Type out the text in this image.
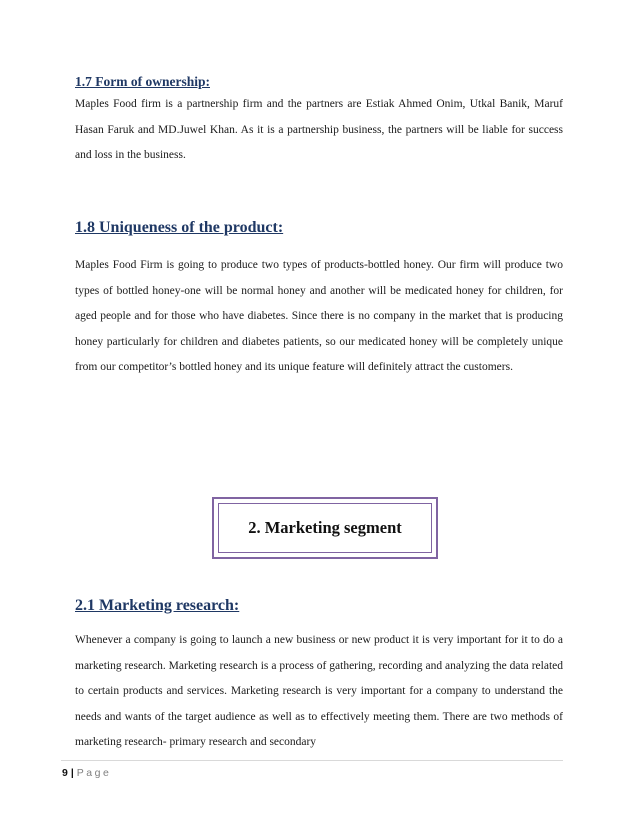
1.7 Form of ownership:

Maples Food firm is a partnership firm and the partners are Estiak Ahmed Onim, Utkal Banik, Maruf Hasan Faruk and MD.Juwel Khan. As it is a partnership business, the partners will be liable for success and loss in the business.

1.8 Uniqueness of the product:

Maples Food Firm is going to produce two types of products-bottled honey. Our firm will produce two types of bottled honey-one will be normal honey and another will be medicated honey for children, for aged people and for those who have diabetes. Since there is no company in the market that is producing honey particularly for children and diabetes patients, so our medicated honey will be completely unique from our competitor’s bottled honey and its unique feature will definitely attract the customers.

2. Marketing segment
2.1 Marketing research:

Whenever a company is going to launch a new business or new product it is very important for it to do a marketing research. Marketing research is a process of gathering, recording and analyzing the data related to certain products and services. Marketing research is very important for a company to understand the needs and wants of the target audience as well as to effectively meeting them. There are two methods of marketing research- primary research and secondary

9 | Page
